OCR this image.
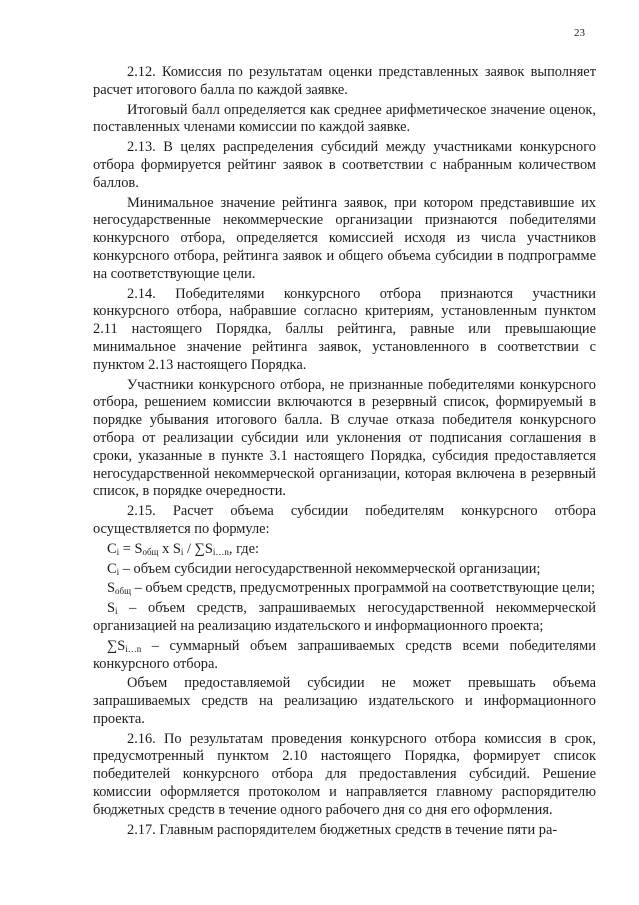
23

2.12. Комиссия по результатам оценки представленных заявок выполняет расчет итогового балла по каждой заявке.

Итоговый балл определяется как среднее арифметическое значение оценок, поставленных членами комиссии по каждой заявке.

2.13. В целях распределения субсидий между участниками конкурсного отбора формируется рейтинг заявок в соответствии с набранным количеством баллов.

Минимальное значение рейтинга заявок, при котором представившие их негосударственные некоммерческие организации признаются победителями конкурсного отбора, определяется комиссией исходя из числа участников конкурсного отбора, рейтинга заявок и общего объема субсидии в подпрограмме на соответствующие цели.

2.14. Победителями конкурсного отбора признаются участники конкурсного отбора, набравшие согласно критериям, установленным пунктом 2.11 настоящего Порядка, баллы рейтинга, равные или превышающие минимальное значение рейтинга заявок, установленного в соответствии с пунктом 2.13 настоящего Порядка.

Участники конкурсного отбора, не признанные победителями конкурсного отбора, решением комиссии включаются в резервный список, формируемый в порядке убывания итогового балла. В случае отказа победителя конкурсного отбора от реализации субсидии или уклонения от подписания соглашения в сроки, указанные в пункте 3.1 настоящего Порядка, субсидия предоставляется негосударственной некоммерческой организации, которая включена в резервный список, в порядке очередности.

2.15. Расчет объема субсидии победителям конкурсного отбора осуществляется по формуле:

$C_i = S_{общ}$ x $S_i / \sum S_{i\dots n}$, где:

$C_i$ – объем субсидии негосударственной некоммерческой организации;

$S_{общ}$ – объем средств, предусмотренных программой на соответствующие цели;

$S_i$ – объем средств, запрашиваемых негосударственной некоммерческой организацией на реализацию издательского и информационного проекта;

$\sum S_{i\dots n}$ – суммарный объем запрашиваемых средств всеми победителями конкурсного отбора.

Объем предоставляемой субсидии не может превышать объема запрашиваемых средств на реализацию издательского и информационного проекта.

2.16. По результатам проведения конкурсного отбора комиссия в срок, предусмотренный пунктом 2.10 настоящего Порядка, формирует список победителей конкурсного отбора для предоставления субсидий. Решение комиссии оформляется протоколом и направляется главному распорядителю бюджетных средств в течение одного рабочего дня со дня его оформления.

2.17. Главным распорядителем бюджетных средств в течение пяти ра-
